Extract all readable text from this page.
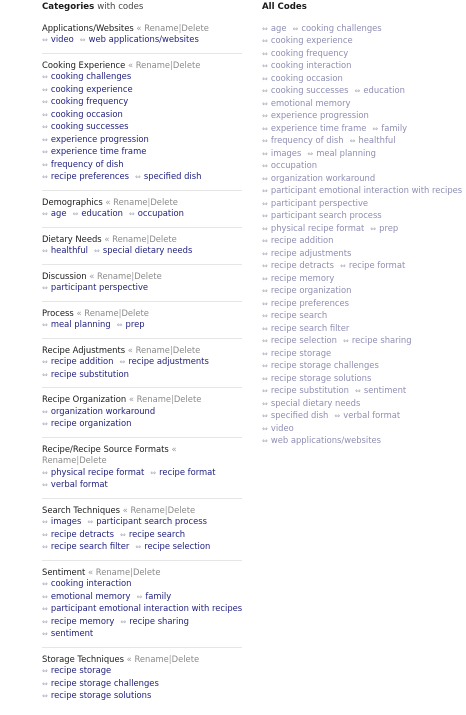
Categories with codes
Applications/Websites « Rename|Delete
⇔ video ⇔ web applications/websites
Cooking Experience « Rename|Delete
⇔ cooking challenges
⇔ cooking experience
⇔ cooking frequency
⇔ cooking occasion
⇔ cooking successes
⇔ experience progression
⇔ experience time frame
⇔ frequency of dish
⇔ recipe preferences ⇔ specified dish
Demographics « Rename|Delete
⇔ age ⇔ education ⇔ occupation
Dietary Needs « Rename|Delete
⇔ healthful ⇔ special dietary needs
Discussion « Rename|Delete
⇔ participant perspective
Process « Rename|Delete
⇔ meal planning ⇔ prep
Recipe Adjustments « Rename|Delete
⇔ recipe addition ⇔ recipe adjustments
⇔ recipe substitution
Recipe Organization « Rename|Delete
⇔ organization workaround
⇔ recipe organization
Recipe/Recipe Source Formats « Rename|Delete
⇔ physical recipe format ⇔ recipe format
⇔ verbal format
Search Techniques « Rename|Delete
⇔ images ⇔ participant search process
⇔ recipe detracts ⇔ recipe search
⇔ recipe search filter ⇔ recipe selection
Sentiment « Rename|Delete
⇔ cooking interaction
⇔ emotional memory ⇔ family
⇔ participant emotional interaction with recipes
⇔ recipe memory ⇔ recipe sharing
⇔ sentiment
Storage Techniques « Rename|Delete
⇔ recipe storage
⇔ recipe storage challenges
⇔ recipe storage solutions
All Codes
⇔ age ⇔ cooking challenges
⇔ cooking experience
⇔ cooking frequency
⇔ cooking interaction
⇔ cooking occasion
⇔ cooking successes ⇔ education
⇔ emotional memory
⇔ experience progression
⇔ experience time frame ⇔ family
⇔ frequency of dish ⇔ healthful
⇔ images ⇔ meal planning
⇔ occupation
⇔ organization workaround
⇔ participant emotional interaction with recipes
⇔ participant perspective
⇔ participant search process
⇔ physical recipe format ⇔ prep
⇔ recipe addition
⇔ recipe adjustments
⇔ recipe detracts ⇔ recipe format
⇔ recipe memory
⇔ recipe organization
⇔ recipe preferences
⇔ recipe search
⇔ recipe search filter
⇔ recipe selection ⇔ recipe sharing
⇔ recipe storage
⇔ recipe storage challenges
⇔ recipe storage solutions
⇔ recipe substitution ⇔ sentiment
⇔ special dietary needs
⇔ specified dish ⇔ verbal format
⇔ video
⇔ web applications/websites
